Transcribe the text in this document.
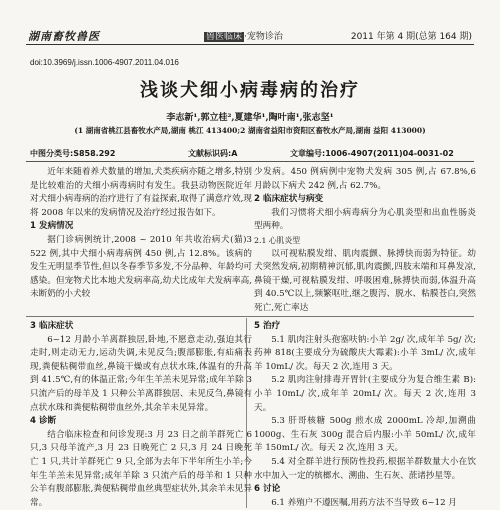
湖南畜牧兽医	兽医临床 ·宠物诊治	2011 年第 4 期(总第 164 期)
doi:10.3969/j.issn.1006-4907.2011.04.016
浅谈犬细小病毒病的治疗
李志新¹,郭立桂²,夏建华¹,陶叶南¹,张志坚¹
(1 湖南省桃江县畜牧水产局,湖南 桃江 413400;2 湖南省益阳市资阳区畜牧水产局,湖南 益阳 413000)
中图分类号:S858.292	文献标识码:A	文章编号:1006-4907(2011)04-0031-02

近年来随着养犬数量的增加,犬类疾病亦随之增多,特别是比较难治的犬细小病毒病时有发生。我县动物医院近年对犬细小病毒病的治疗进行了有益探索,取得了满意疗效,现将 2008 年以来的发病情况及治疗经过报告如下。

1 发病情况

据门诊病例统计,2008 ~ 2010 年共收治病犬(猫)3 522 例,其中犬细小病毒病例 450 例,占 12.8%。该病的发生无明显季节性,但以冬春季节多发,不分品种、年龄均可感染。但宠物犬比本地犬发病率高,幼犬比成年犬发病率高,未断奶的小犬较

少发病。450 例病例中宠物犬发病 305 例,占 67.8%,6 月龄以下病犬 242 例,占 62.7%。

2 临床症状与病变

我们习惯将犬细小病毒病分为心肌炎型和出血性肠炎型两种。

2.1 心肌炎型

以可视粘膜发绀、肌肉震颤、脉搏快而弱为特征。幼犬突然发病,初期精神沉郁,肌肉震颤,四肢末端和耳鼻发凉,鼻镜干燥,可视粘膜发绀、呼吸困难,脉搏快而弱,体温升高到 40.5℃以上,频繁呕吐,继之腹泻、脱水、粘膜苍白,突然死亡,死亡率达

3 临床症状

6~12 月龄小羊离群独居,卧地,不愿意走动,强迫其行走时,则走动无力,运动失调,未见反刍;腹部膨胀,有疝痛表现,粪便粘稠带血丝,鼻镜干燥或有点状水珠,体温有的升高到 41.5℃,有的体温正常;今年生羊羔未见异常;成年羊除 3 只流产后的母羊及 1 只种公羊离群独居、未见反刍,鼻镜有点状水珠和粪便粘稠带血丝外,其余羊未见异常。

4 诊断

结合临床检查和问诊发现:3 月 23 日之前羊群死亡 6 只,3 只母羊流产,3 月 23 日晚死亡 2 只,3 月 24 日晚死亡 1 只,共计羊群死亡 9 只,全部为去年下半年所生小羊;今年生羊羔未见异常;成年羊除 3 只流产后的母羊和 1 只种公羊有腹部膨胀,粪便粘稠带血丝典型症状外,其余羊未见异常。

5 治疗

5.1 肌肉注射头孢塞呋钠:小羊 2g/ 次,成年羊 5g/ 次;药神 818(主要成分为硫酸庆大霉素):小羊 3mL/ 次,成年羊 10mL/ 次。每天 2 次,连用 3 天。

5.2 肌肉注射排毒开胃针(主要成分为复合维生素 B):小羊 10mL/ 次,成年羊 20mL/ 次。每天 2 次,连用 3 天。

5.3 肝哥核糖 500g 煎水成 2000mL 冷却,加溯曲 1000g、生石灰 300g 混合后内服:小羊 50mL/ 次,成年羊 150mL/ 次。每天 2 次,连用 3 天。

5.4 对全群羊进行预防性投药,根据羊群数量大小在饮水中加入一定的槟榔水、溯曲、生石灰、蔗诸抄星等。

6 讨论

6.1 养殖户不遵医嘱,用药方法不当导致 6~12 月
